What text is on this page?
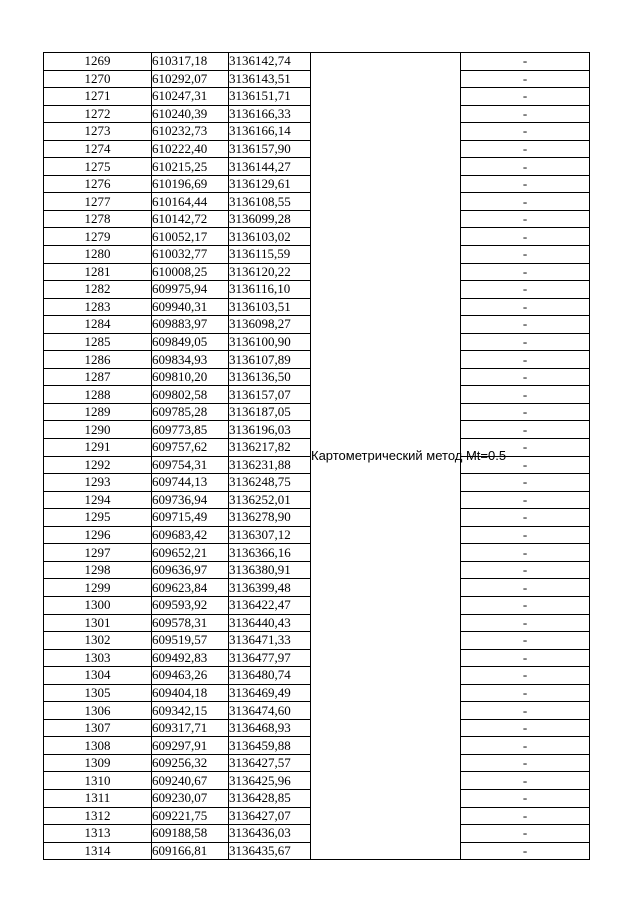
1269	610317,18	3136142,74	Картометрический метод Mt=0.5	-
1270	610292,07	3136143,51		-
1271	610247,31	3136151,71		-
1272	610240,39	3136166,33		-
1273	610232,73	3136166,14		-
1274	610222,40	3136157,90		-
1275	610215,25	3136144,27		-
1276	610196,69	3136129,61		-
1277	610164,44	3136108,55		-
1278	610142,72	3136099,28		-
1279	610052,17	3136103,02		-
1280	610032,77	3136115,59		-
1281	610008,25	3136120,22		-
1282	609975,94	3136116,10		-
1283	609940,31	3136103,51		-
1284	609883,97	3136098,27		-
1285	609849,05	3136100,90		-
1286	609834,93	3136107,89		-
1287	609810,20	3136136,50		-
1288	609802,58	3136157,07		-
1289	609785,28	3136187,05		-
1290	609773,85	3136196,03		-
1291	609757,62	3136217,82		-
1292	609754,31	3136231,88		-
1293	609744,13	3136248,75		-
1294	609736,94	3136252,01		-
1295	609715,49	3136278,90		-
1296	609683,42	3136307,12		-
1297	609652,21	3136366,16		-
1298	609636,97	3136380,91		-
1299	609623,84	3136399,48		-
1300	609593,92	3136422,47		-
1301	609578,31	3136440,43		-
1302	609519,57	3136471,33		-
1303	609492,83	3136477,97		-
1304	609463,26	3136480,74		-
1305	609404,18	3136469,49		-
1306	609342,15	3136474,60		-
1307	609317,71	3136468,93		-
1308	609297,91	3136459,88		-
1309	609256,32	3136427,57		-
1310	609240,67	3136425,96		-
1311	609230,07	3136428,85		-
1312	609221,75	3136427,07		-
1313	609188,58	3136436,03		-
1314	609166,81	3136435,67		-
